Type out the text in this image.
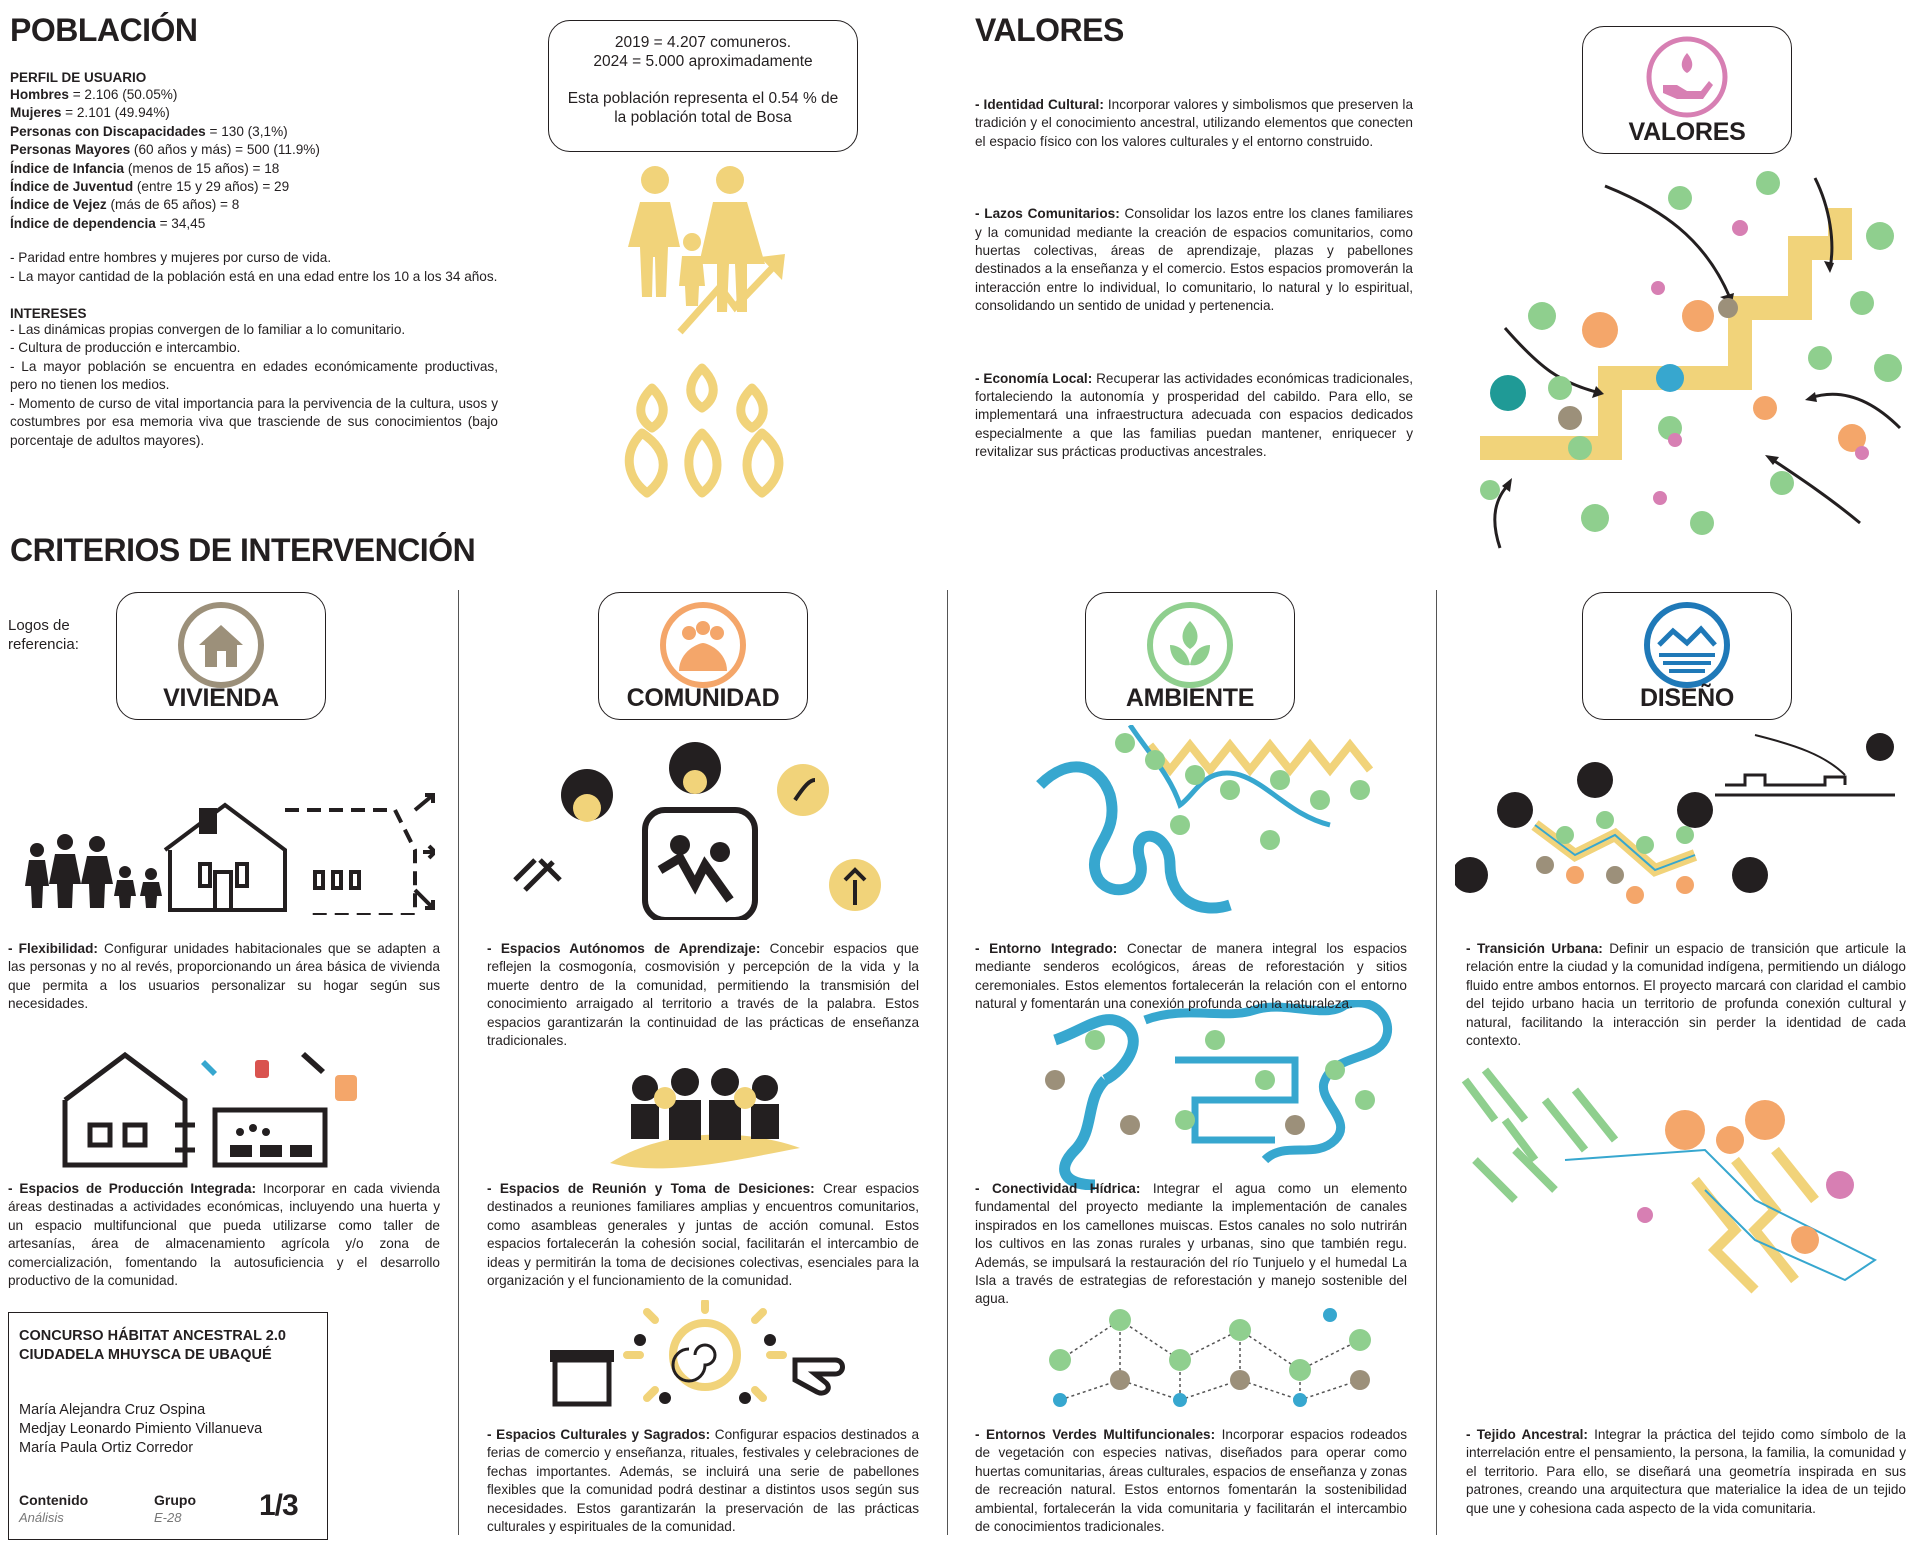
POBLACIÓN
PERFIL DE USUARIO
Hombres = 2.106 (50.05%)
Mujeres = 2.101 (49.94%)
Personas con Discapacidades = 130 (3,1%)
Personas Mayores (60 años y más) = 500 (11.9%)
Índice de Infancia (menos de 15 años) = 18
Índice de Juventud (entre 15 y 29 años) = 29
Índice de Vejez (más de 65 años) = 8
Índice de dependencia = 34,45
- Paridad entre hombres y mujeres por curso de vida.
- La mayor cantidad de la población está en una edad entre los 10 a los 34 años.
INTERESES
- Las dinámicas propias convergen de lo familiar a lo comunitario.
- Cultura de producción e intercambio.
- La mayor población se encuentra en edades económicamente productivas, pero no tienen los medios.
- Momento de curso de vital importancia para la pervivencia de la cultura, usos y costumbres por esa memoria viva que trasciende de sus conocimientos (bajo porcentaje de adultos mayores).
2019 = 4.207 comuneros.
2024 = 5.000 aproximadamente
Esta población representa el 0.54 % de la población total de Bosa
VALORES
- Identidad Cultural: Incorporar valores y simbolismos que preserven la tradición y el conocimiento ancestral, utilizando elementos que conecten el espacio físico con los valores culturales y el entorno construido.
- Lazos Comunitarios: Consolidar los lazos entre los clanes familiares y la comunidad mediante la creación de espacios comunitarios, como huertas colectivas, áreas de aprendizaje, plazas y pabellones destinados a la enseñanza y el comercio. Estos espacios promoverán la interacción entre lo individual, lo comunitario, lo natural y lo espiritual, consolidando un sentido de unidad y pertenencia.
- Economía Local: Recuperar las actividades económicas tradicionales, fortaleciendo la autonomía y prosperidad del cabildo. Para ello, se implementará una infraestructura adecuada con espacios dedicados especialmente a que las familias puedan mantener, enriquecer y revitalizar sus prácticas productivas ancestrales.
VALORES
CRITERIOS DE INTERVENCIÓN
Logos de referencia:
VIVIENDA	COMUNIDAD	AMBIENTE	DISEÑO
- Flexibilidad: Configurar unidades habitacionales que se adapten a las personas y no al revés, proporcionando un área básica de vivienda que permita a los usuarios personalizar su hogar según sus necesidades.
- Espacios de Producción Integrada: Incorporar en cada vivienda áreas destinadas a actividades económicas, incluyendo una huerta y un espacio multifuncional que pueda utilizarse como taller de artesanías, área de almacenamiento agrícola y/o zona de comercialización, fomentando la autosuficiencia y el desarrollo productivo de la comunidad.
- Espacios Autónomos de Aprendizaje: Concebir espacios que reflejen la cosmogonía, cosmovisión y percepción de la vida y la muerte dentro de la comunidad, permitiendo la transmisión del conocimiento arraigado al territorio a través de la palabra. Estos espacios garantizarán la continuidad de las prácticas de enseñanza tradicionales.
- Espacios de Reunión y Toma de Desiciones: Crear espacios destinados a reuniones familiares amplias y encuentros comunitarios, como asambleas generales y juntas de acción comunal. Estos espacios fortalecerán la cohesión social, facilitarán el intercambio de ideas y permitirán la toma de decisiones colectivas, esenciales para la organización y el funcionamiento de la comunidad.
- Espacios Culturales y Sagrados: Configurar espacios destinados a ferias de comercio y enseñanza, rituales, festivales y celebraciones de fechas importantes. Además, se incluirá una serie de pabellones flexibles que la comunidad podrá destinar a distintos usos según sus necesidades. Estos garantizarán la preservación de las prácticas culturales y espirituales de la comunidad.
- Entorno Integrado: Conectar de manera integral los espacios mediante senderos ecológicos, áreas de reforestación y sitios ceremoniales. Estos elementos fortalecerán la relación con el entorno natural y fomentarán una conexión profunda con la naturaleza.
- Conectividad Hídrica: Integrar el agua como un elemento fundamental del proyecto mediante la implementación de canales inspirados en los camellones muiscas. Estos canales no solo nutrirán los cultivos en las zonas rurales y urbanas, sino que también regu. Además, se impulsará la restauración del río Tunjuelo y el humedal La Isla a través de estrategias de reforestación y manejo sostenible del agua.
- Entornos Verdes Multifuncionales: Incorporar espacios rodeados de vegetación con especies nativas, diseñados para operar como huertas comunitarias, áreas culturales, espacios de enseñanza y zonas de recreación natural. Estos entornos fomentarán la sostenibilidad ambiental, fortalecerán la vida comunitaria y facilitarán el intercambio de conocimientos tradicionales.
- Transición Urbana: Definir un espacio de transición que articule la relación entre la ciudad y la comunidad indígena, permitiendo un diálogo fluido entre ambos entornos. El proyecto marcará con claridad el cambio del tejido urbano hacia un territorio de profunda conexión cultural y natural, facilitando la interacción sin perder la identidad de cada contexto.
- Tejido Ancestral: Integrar la práctica del tejido como símbolo de la interrelación entre el pensamiento, la persona, la familia, la comunidad y el territorio. Para ello, se diseñará una geometría inspirada en sus patrones, creando una arquitectura que materialice la idea de un tejido que une y cohesiona cada aspecto de la vida comunitaria.
CONCURSO HÁBITAT ANCESTRAL 2.0
CIUDADELA MHUYSCA DE UBAQUÉ
María Alejandra Cruz Ospina
Medjay Leonardo Pimiento Villanueva
María Paula Ortiz Corredor
Contenido
Análisis
Grupo
E-28	1/3
